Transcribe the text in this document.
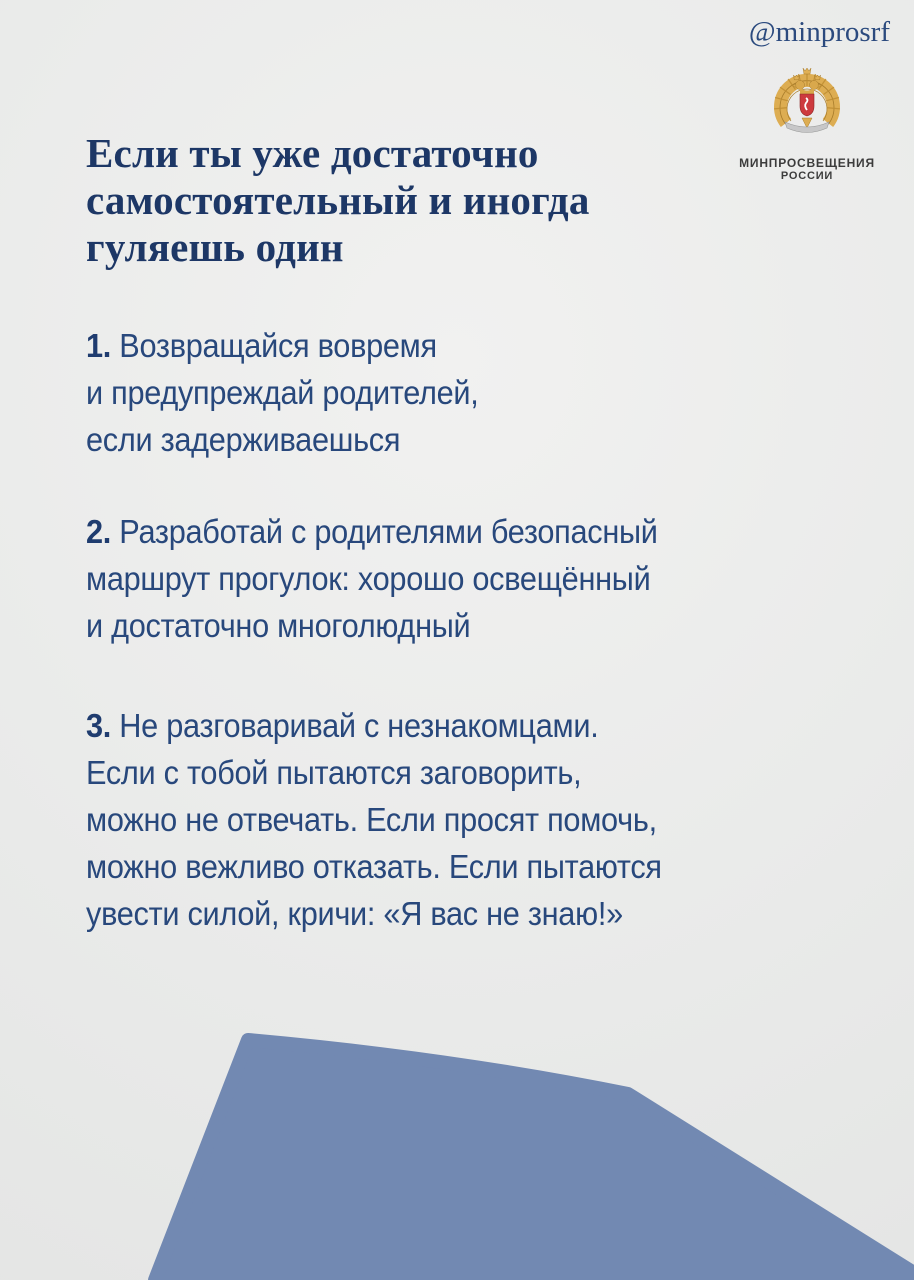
@minprosrf
МИНПРОСВЕЩЕНИЯ
РОССИИ
Если ты уже достаточно
самостоятельный и иногда
гуляешь один

1. Возвращайся вовремя
и предупреждай родителей,
если задерживаешься

2. Разработай с родителями безопасный
маршрут прогулок: хорошо освещённый
и достаточно многолюдный

3. Не разговаривай с незнакомцами.
Если с тобой пытаются заговорить,
можно не отвечать. Если просят помочь,
можно вежливо отказать. Если пытаются
увести силой, кричи: «Я вас не знаю!»
